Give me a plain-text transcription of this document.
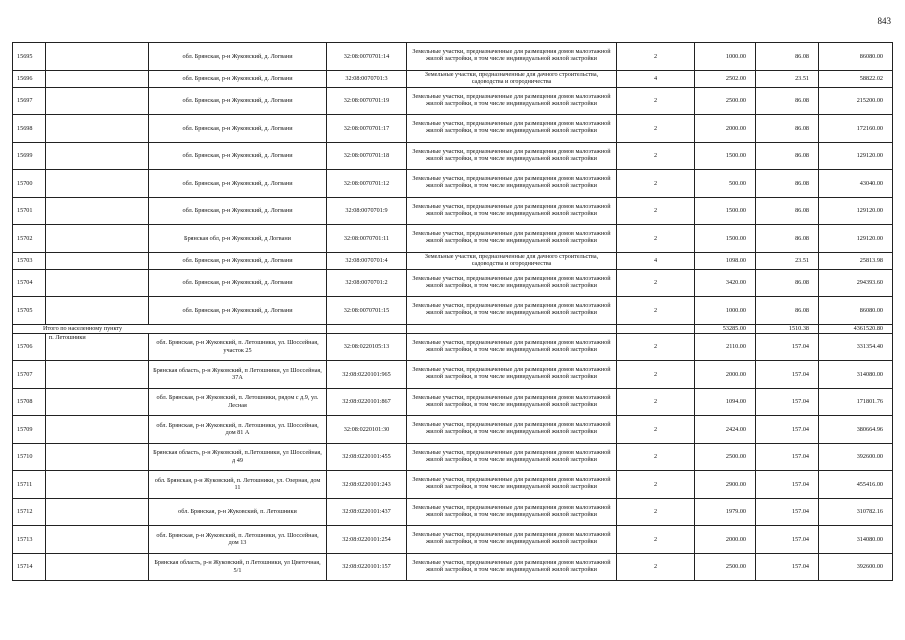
843
15695		обл. Брянская, р-н Жуковский, д. Логвани	32:08:0070701:14	Земельные участки, предназначенные для размещения домов малоэтажной жилой застройки, в том числе индивидуальной жилой застройки	2	1000.00	86.08	86080.00
15696		обл. Брянская, р-н Жуковский, д. Логвани	32:08:0070701:3	Земельные участки, предназначенные для дачного строительства, садоводства и огородничества	4	2502.00	23.51	58822.02
15697		обл. Брянская, р-н Жуковский, д. Логвани	32:08:0070701:19	Земельные участки, предназначенные для размещения домов малоэтажной жилой застройки, в том числе индивидуальной жилой застройки	2	2500.00	86.08	215200.00
15698		обл. Брянская, р-н Жуковский, д. Логвани	32:08:0070701:17	Земельные участки, предназначенные для размещения домов малоэтажной жилой застройки, в том числе индивидуальной жилой застройки	2	2000.00	86.08	172160.00
15699		обл. Брянская, р-н Жуковский, д. Логвани	32:08:0070701:18	Земельные участки, предназначенные для размещения домов малоэтажной жилой застройки, в том числе индивидуальной жилой застройки	2	1500.00	86.08	129120.00
15700		обл. Брянская, р-н Жуковский, д. Логвани	32:08:0070701:12	Земельные участки, предназначенные для размещения домов малоэтажной жилой застройки, в том числе индивидуальной жилой застройки	2	500.00	86.08	43040.00
15701		обл. Брянская, р-н Жуковский, д. Логвани	32:08:0070701:9	Земельные участки, предназначенные для размещения домов малоэтажной жилой застройки, в том числе индивидуальной жилой застройки	2	1500.00	86.08	129120.00
15702		Брянская обл, р-н Жуковский, д Логвани	32:08:0070701:11	Земельные участки, предназначенные для размещения домов малоэтажной жилой застройки, в том числе индивидуальной жилой застройки	2	1500.00	86.08	129120.00
15703		обл. Брянская, р-н Жуковский, д. Логвани	32:08:0070701:4	Земельные участки, предназначенные для дачного строительства, садоводства и огородничества	4	1098.00	23.51	25813.98
15704		обл. Брянская, р-н Жуковский, д. Логвани	32:08:0070701:2	Земельные участки, предназначенные для размещения домов малоэтажной жилой застройки, в том числе индивидуальной жилой застройки	2	3420.00	86.08	294393.60
15705		обл. Брянская, р-н Жуковский, д. Логвани	32:08:0070701:15	Земельные участки, предназначенные для размещения домов малоэтажной жилой застройки, в том числе индивидуальной жилой застройки	2	1000.00	86.08	86080.00
Итого по населенному пункту						53285.00	1510.38	4361520.80
15706	п. Летошники	обл. Брянская, р-н Жуковский, п. Летошники, ул. Шоссейная, участок 25	32:08:0220105:13	Земельные участки, предназначенные для размещения домов малоэтажной жилой застройки, в том числе индивидуальной жилой застройки	2	2110.00	157.04	331354.40
15707		Брянская область, р-н Жуковский, п Летошники, ул Шоссейная, 37А	32:08:0220101:965	Земельные участки, предназначенные для размещения домов малоэтажной жилой застройки, в том числе индивидуальной жилой застройки	2	2000.00	157.04	314080.00
15708		обл. Брянская, р-н Жуковский, п. Летошники, рядом с д.9, ул. Лесная	32:08:0220101:867	Земельные участки, предназначенные для размещения домов малоэтажной жилой застройки, в том числе индивидуальной жилой застройки	2	1094.00	157.04	171801.76
15709		обл. Брянская, р-н Жуковский, п. Летошники, ул. Шоссейная, дом 81 А	32:08:0220101:30	Земельные участки, предназначенные для размещения домов малоэтажной жилой застройки, в том числе индивидуальной жилой застройки	2	2424.00	157.04	380664.96
15710		Брянская область, р-н Жуковский, п.Летошники, ул Шоссейная, д 49	32:08:0220101:455	Земельные участки, предназначенные для размещения домов малоэтажной жилой застройки, в том числе индивидуальной жилой застройки	2	2500.00	157.04	392600.00
15711		обл. Брянская, р-н Жуковский, п. Летошники, ул. Озерная, дом 11	32:08:0220101:243	Земельные участки, предназначенные для размещения домов малоэтажной жилой застройки, в том числе индивидуальной жилой застройки	2	2900.00	157.04	455416.00
15712		обл. Брянская, р-н Жуковский, п. Летошники	32:08:0220101:437	Земельные участки, предназначенные для размещения домов малоэтажной жилой застройки, в том числе индивидуальной жилой застройки	2	1979.00	157.04	310782.16
15713		обл. Брянская, р-н Жуковский, п. Летошники, ул. Шоссейная, дом 13	32:08:0220101:254	Земельные участки, предназначенные для размещения домов малоэтажной жилой застройки, в том числе индивидуальной жилой застройки	2	2000.00	157.04	314080.00
15714		Брянская область, р-н Жуковский, п Летошники, ул Цветочная, 5/1	32:08:0220101:157	Земельные участки, предназначенные для размещения домов малоэтажной жилой застройки, в том числе индивидуальной жилой застройки	2	2500.00	157.04	392600.00
